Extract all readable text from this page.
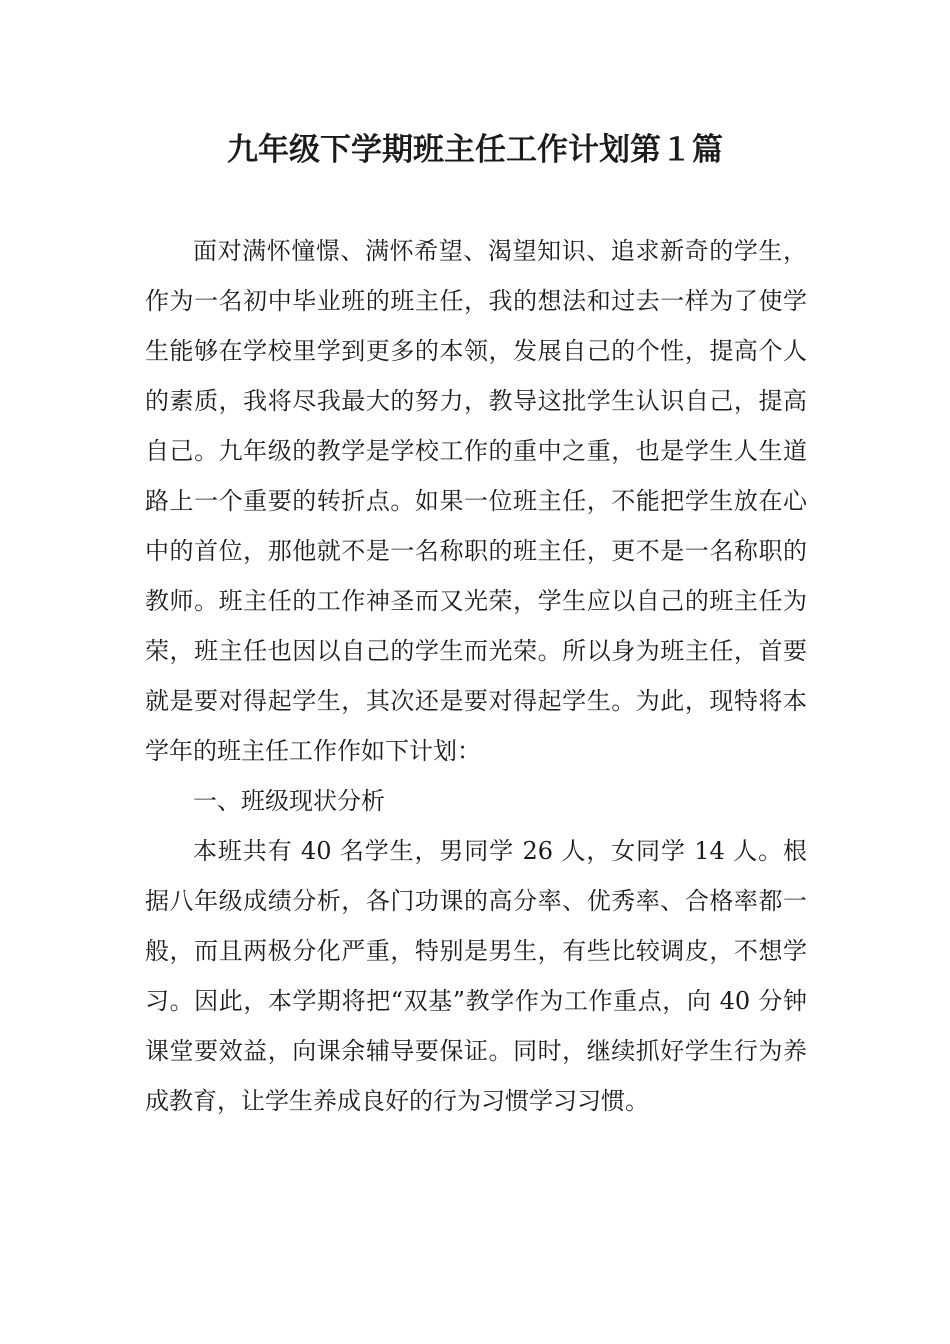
九年级下学期班主任工作计划第１篇

面对满怀憧憬、满怀希望、渴望知识、追求新奇的学生，作为一名初中毕业班的班主任，我的想法和过去一样为了使学生能够在学校里学到更多的本领，发展自己的个性，提高个人的素质，我将尽我最大的努力，教导这批学生认识自己，提高自己。九年级的教学是学校工作的重中之重，也是学生人生道路上一个重要的转折点。如果一位班主任，不能把学生放在心中的首位，那他就不是一名称职的班主任，更不是一名称职的教师。班主任的工作神圣而又光荣，学生应以自己的班主任为荣，班主任也因以自己的学生而光荣。所以身为班主任，首要就是要对得起学生，其次还是要对得起学生。为此，现特将本学年的班主任工作作如下计划：

一、班级现状分析

本班共有 40 名学生，男同学 26 人，女同学 14 人。根据八年级成绩分析，各门功课的高分率、优秀率、合格率都一般，而且两极分化严重，特别是男生，有些比较调皮，不想学习。因此，本学期将把“双基”教学作为工作重点，向 40 分钟课堂要效益，向课余辅导要保证。同时，继续抓好学生行为养成教育，让学生养成良好的行为习惯学习习惯。
